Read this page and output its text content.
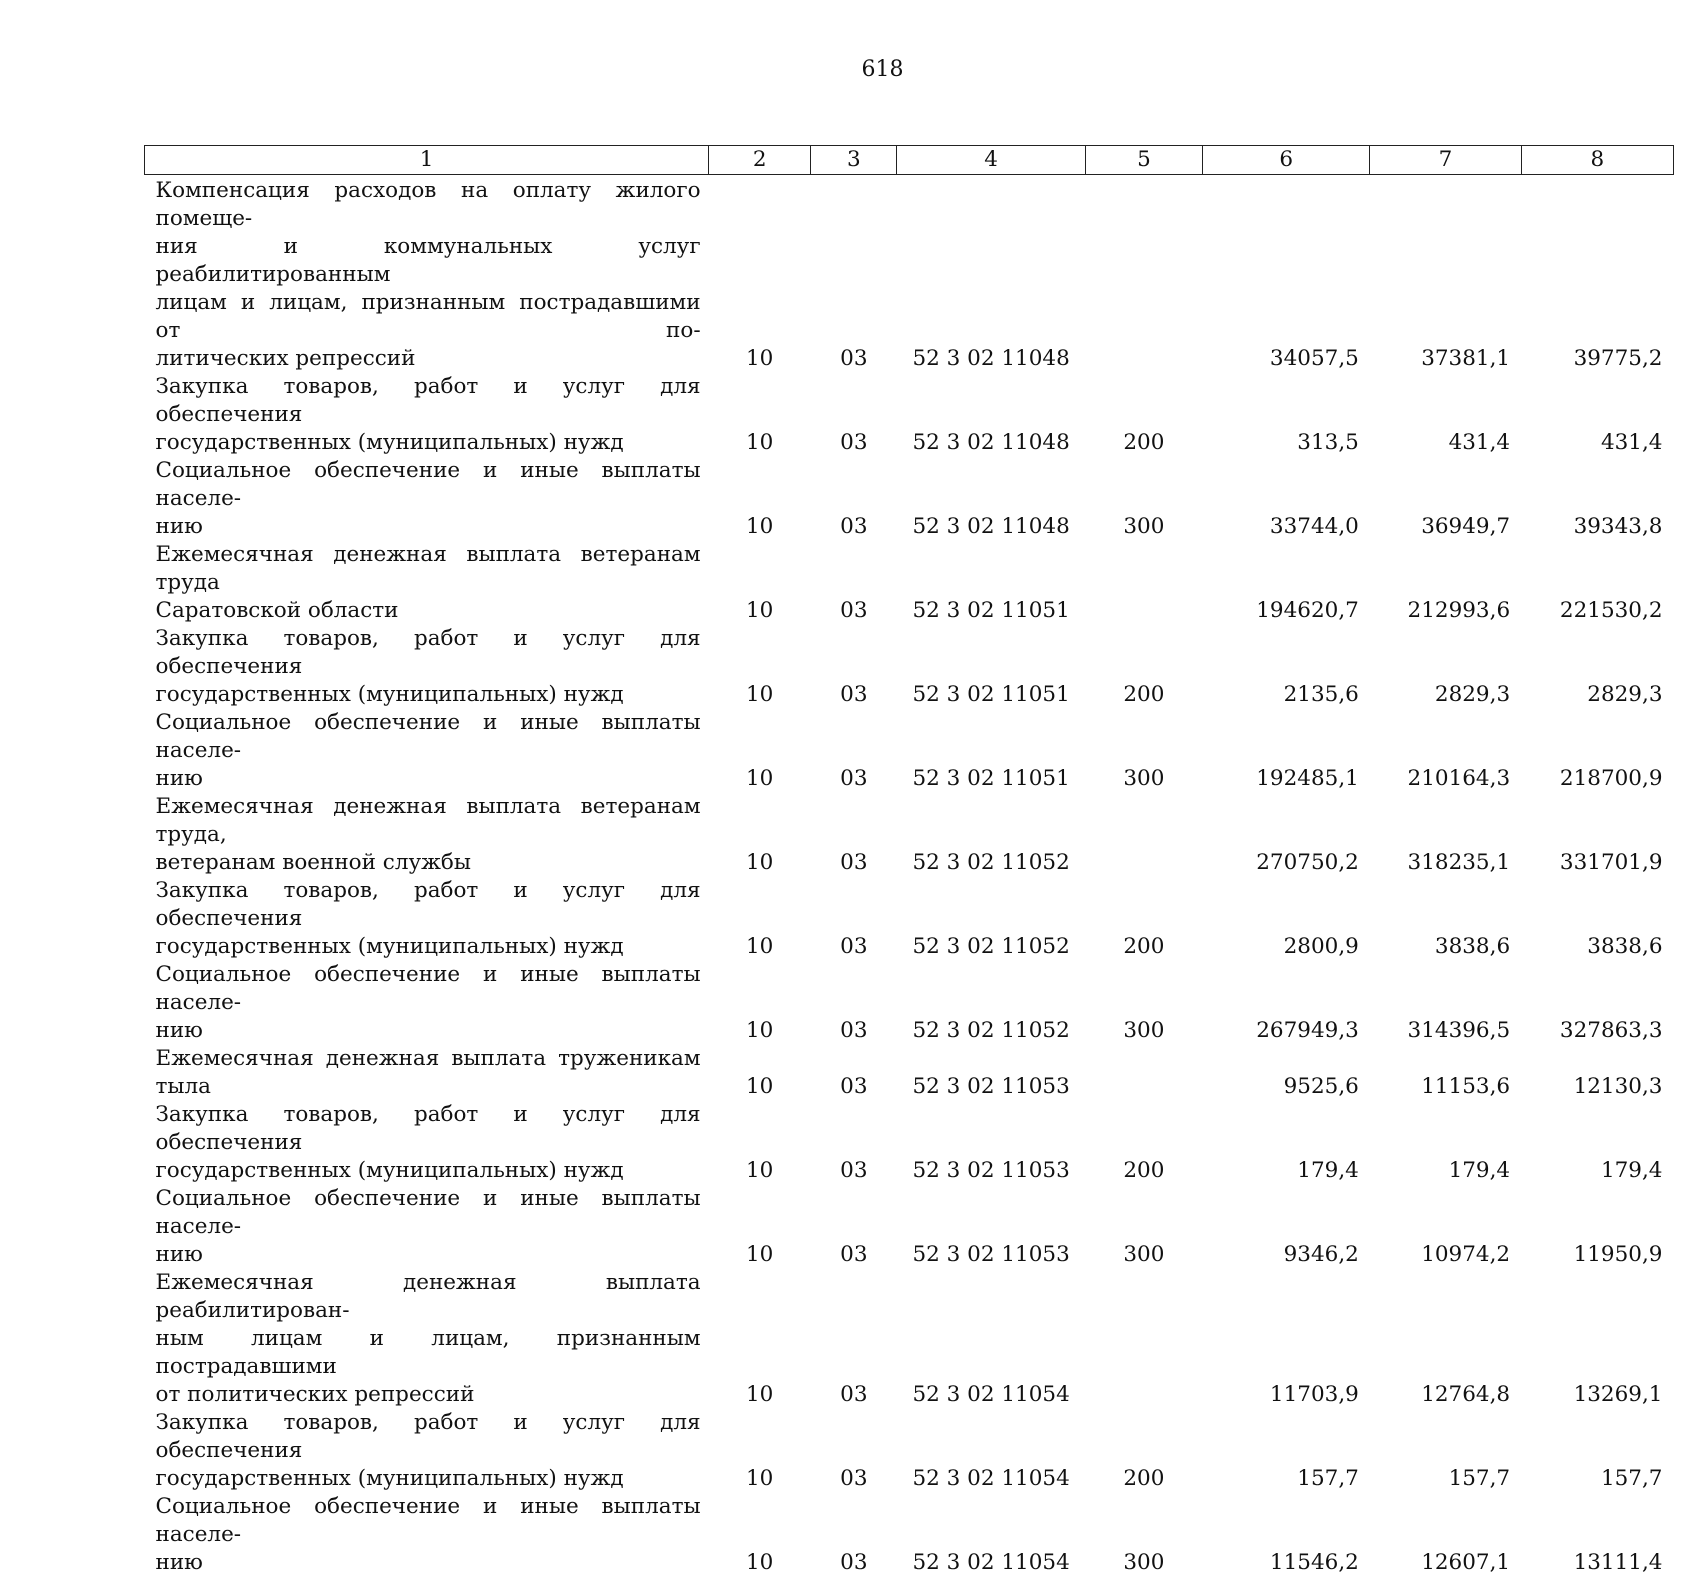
618
1	2	3	4	5	6	7	8

Компенсация расходов на оплату жилого помеще-
ния и коммунальных услуг реабилитированным
лицам и лицам, признанным пострадавшими от по-
литических репрессий	10	03	52 3 02 11048		34057,5	37381,1	39775,2

Закупка товаров, работ и услуг для обеспечения
государственных (муниципальных) нужд	10	03	52 3 02 11048	200	313,5	431,4	431,4

Социальное обеспечение и иные выплаты населе-
нию	10	03	52 3 02 11048	300	33744,0	36949,7	39343,8

Ежемесячная денежная выплата ветеранам труда
Саратовской области	10	03	52 3 02 11051		194620,7	212993,6	221530,2

Закупка товаров, работ и услуг для обеспечения
государственных (муниципальных) нужд	10	03	52 3 02 11051	200	2135,6	2829,3	2829,3

Социальное обеспечение и иные выплаты населе-
нию	10	03	52 3 02 11051	300	192485,1	210164,3	218700,9

Ежемесячная денежная выплата ветеранам труда,
ветеранам военной службы	10	03	52 3 02 11052		270750,2	318235,1	331701,9

Закупка товаров, работ и услуг для обеспечения
государственных (муниципальных) нужд	10	03	52 3 02 11052	200	2800,9	3838,6	3838,6

Социальное обеспечение и иные выплаты населе-
нию	10	03	52 3 02 11052	300	267949,3	314396,5	327863,3

Ежемесячная денежная выплата труженикам тыла	10	03	52 3 02 11053		9525,6	11153,6	12130,3

Закупка товаров, работ и услуг для обеспечения
государственных (муниципальных) нужд	10	03	52 3 02 11053	200	179,4	179,4	179,4

Социальное обеспечение и иные выплаты населе-
нию	10	03	52 3 02 11053	300	9346,2	10974,2	11950,9

Ежемесячная денежная выплата реабилитирован-
ным лицам и лицам, признанным пострадавшими
от политических репрессий	10	03	52 3 02 11054		11703,9	12764,8	13269,1

Закупка товаров, работ и услуг для обеспечения
государственных (муниципальных) нужд	10	03	52 3 02 11054	200	157,7	157,7	157,7

Социальное обеспечение и иные выплаты населе-
нию	10	03	52 3 02 11054	300	11546,2	12607,1	13111,4
